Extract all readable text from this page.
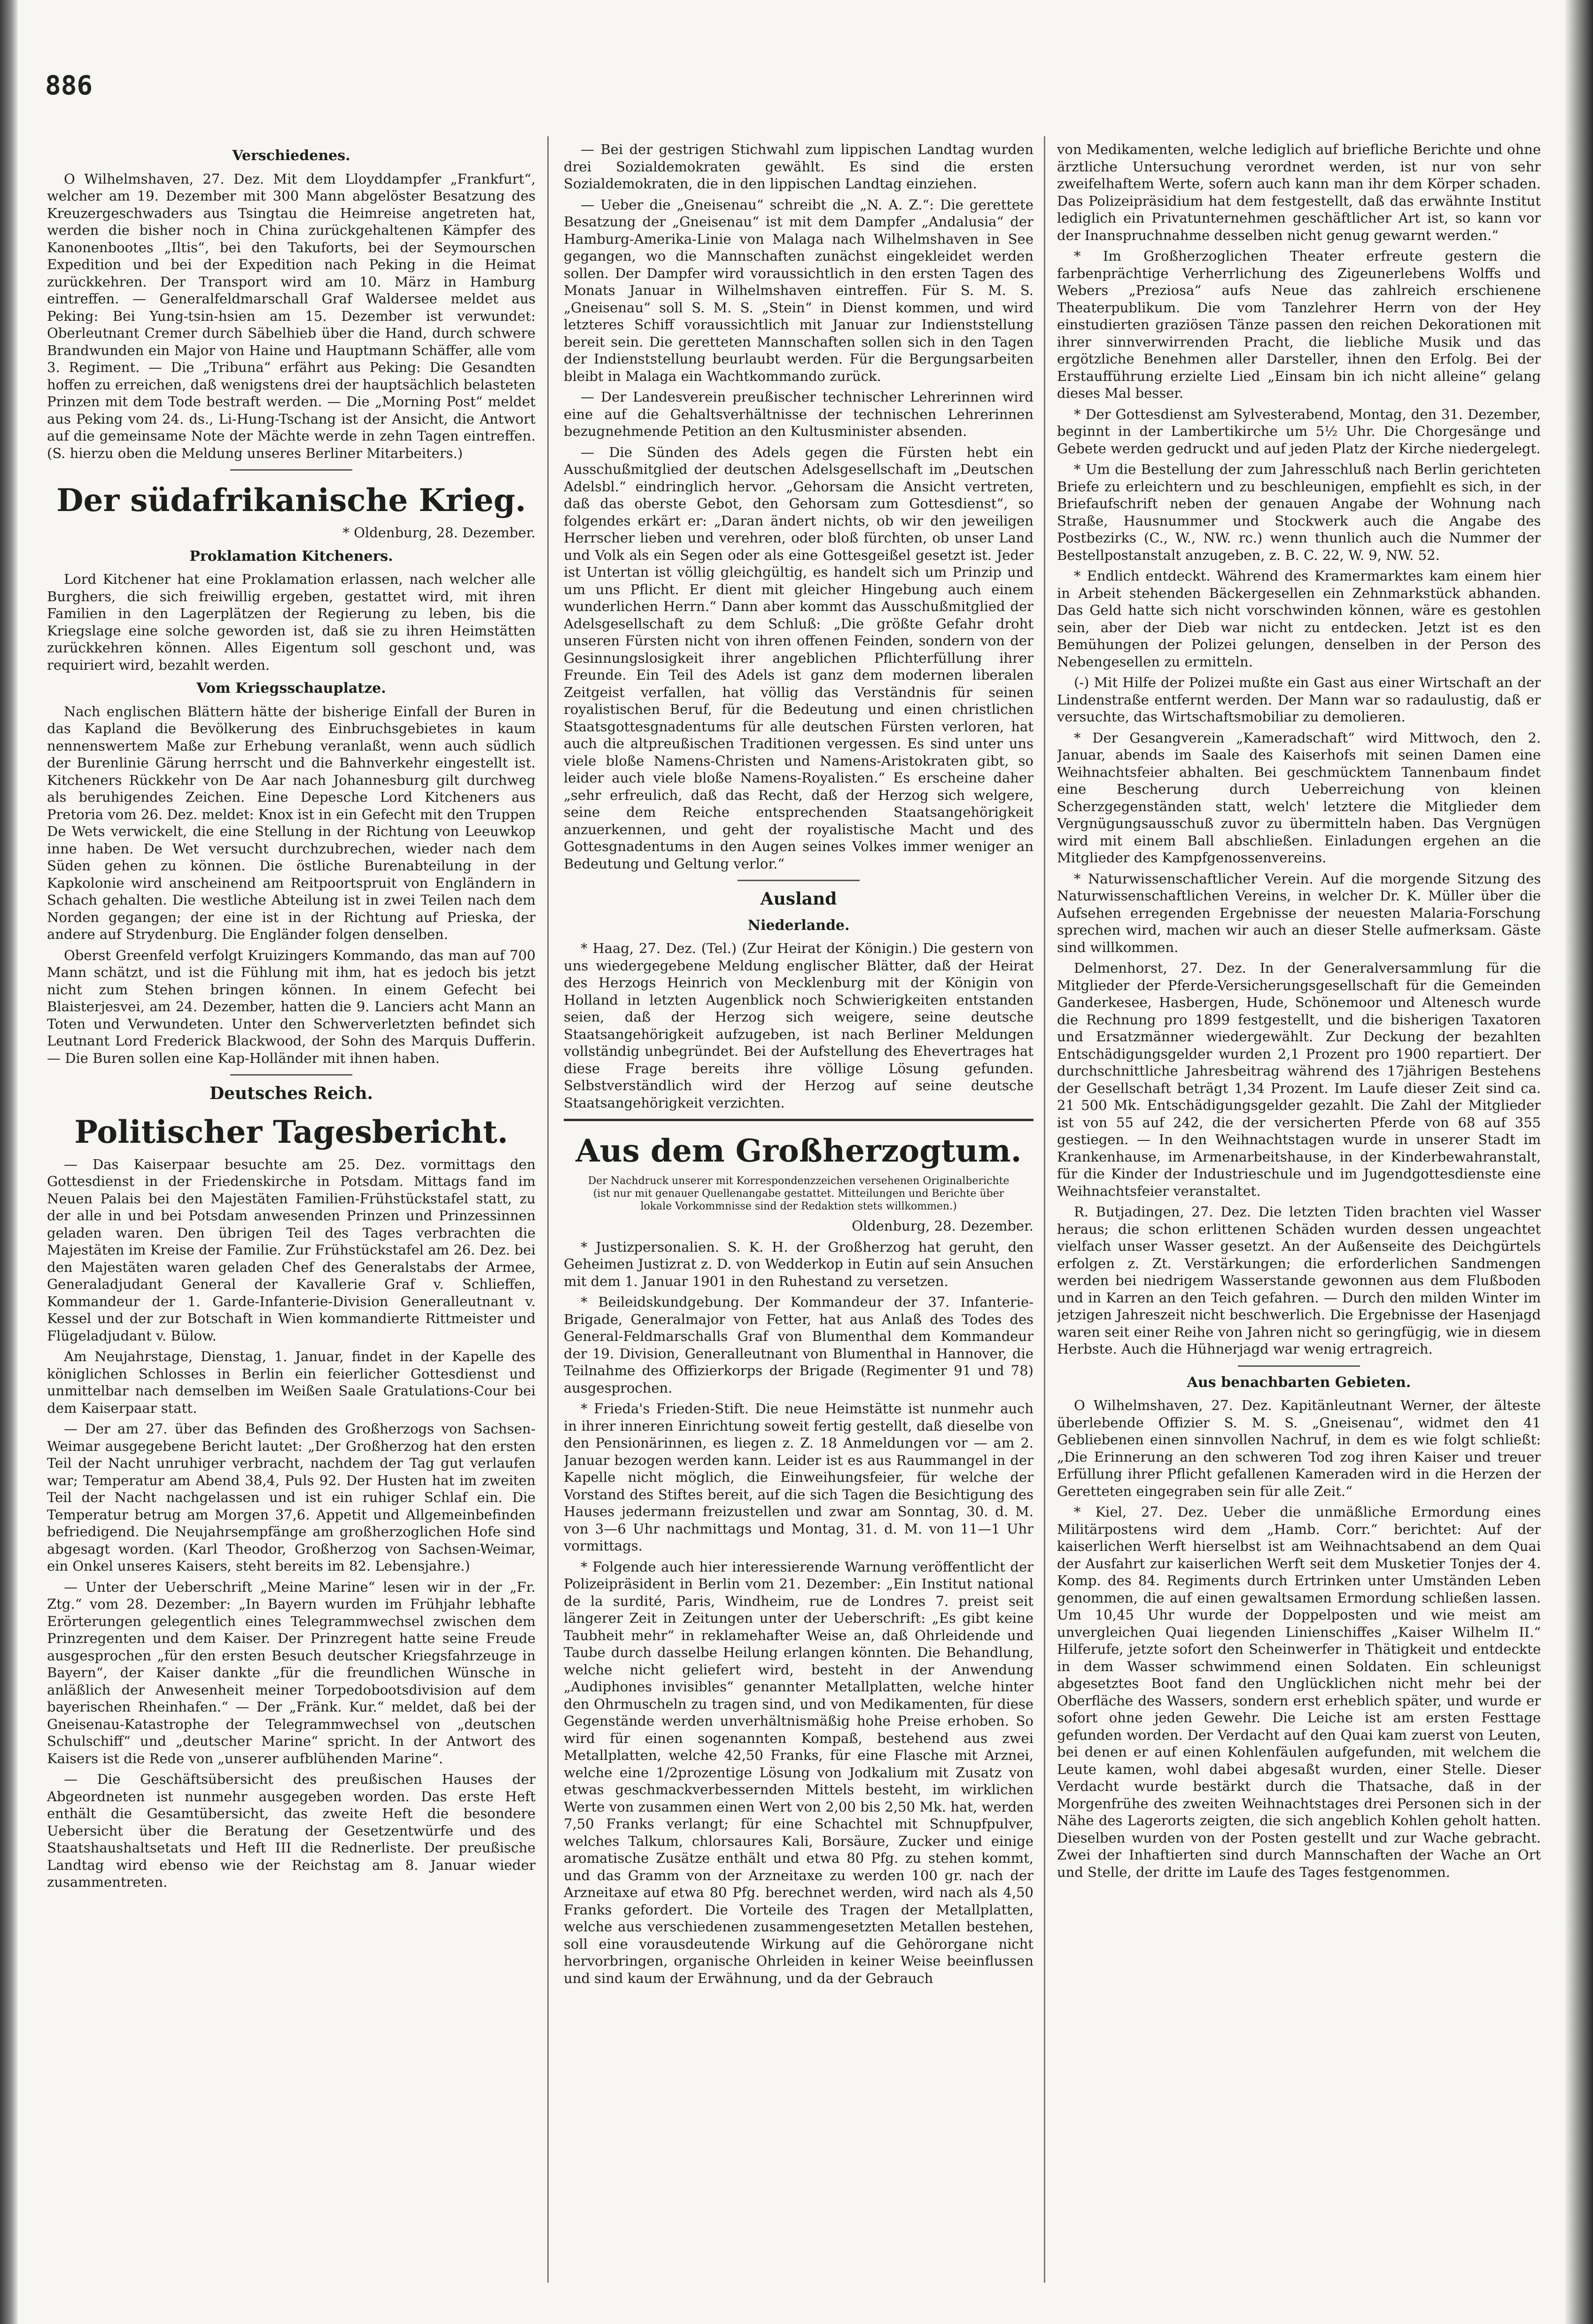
886
Verschiedenes.

O Wilhelmshaven, 27. Dez. Mit dem Lloyddampfer „Frankfurt“, welcher am 19. Dezember mit 300 Mann abgelöster Besatzung des Kreuzergeschwaders aus Tsingtau die Heimreise angetreten hat, werden die bisher noch in China zurückgehaltenen Kämpfer des Kanonenbootes „Iltis“, bei den Takuforts, bei der Seymourschen Expedition und bei der Expedition nach Peking in die Heimat zurückkehren. Der Transport wird am 10. März in Hamburg eintreffen. — Generalfeldmarschall Graf Waldersee meldet aus Peking: Bei Yung-tsin-hsien am 15. Dezember ist verwundet: Oberleutnant Cremer durch Säbelhieb über die Hand, durch schwere Brandwunden ein Major von Haine und Hauptmann Schäffer, alle vom 3. Regiment. — Die „Tribuna“ erfährt aus Peking: Die Gesandten hoffen zu erreichen, daß wenigstens drei der hauptsächlich belasteten Prinzen mit dem Tode bestraft werden. — Die „Morning Post“ meldet aus Peking vom 24. ds., Li-Hung-Tschang ist der Ansicht, die Antwort auf die gemeinsame Note der Mächte werde in zehn Tagen eintreffen. (S. hierzu oben die Meldung unseres Berliner Mitarbeiters.)

Der südafrikanische Krieg.

* Oldenburg, 28. Dezember.

Proklamation Kitcheners.

Lord Kitchener hat eine Proklamation erlassen, nach welcher alle Burghers, die sich freiwillig ergeben, gestattet wird, mit ihren Familien in den Lagerplätzen der Regierung zu leben, bis die Kriegslage eine solche geworden ist, daß sie zu ihren Heimstätten zurückkehren können. Alles Eigentum soll geschont und, was requiriert wird, bezahlt werden.

Vom Kriegsschauplatze.

Nach englischen Blättern hätte der bisherige Einfall der Buren in das Kapland die Bevölkerung des Einbruchsgebietes in kaum nennenswertem Maße zur Erhebung veranlaßt, wenn auch südlich der Burenlinie Gärung herrscht und die Bahnverkehr eingestellt ist. Kitcheners Rückkehr von De Aar nach Johannesburg gilt durchweg als beruhigendes Zeichen. Eine Depesche Lord Kitcheners aus Pretoria vom 26. Dez. meldet: Knox ist in ein Gefecht mit den Truppen De Wets verwickelt, die eine Stellung in der Richtung von Leeuwkop inne haben. De Wet versucht durchzubrechen, wieder nach dem Süden gehen zu können. Die östliche Burenabteilung in der Kapkolonie wird anscheinend am Reitpoortspruit von Engländern in Schach gehalten. Die westliche Abteilung ist in zwei Teilen nach dem Norden gegangen; der eine ist in der Richtung auf Prieska, der andere auf Strydenburg. Die Engländer folgen denselben.

Oberst Greenfeld verfolgt Kruizingers Kommando, das man auf 700 Mann schätzt, und ist die Fühlung mit ihm, hat es jedoch bis jetzt nicht zum Stehen bringen können. In einem Gefecht bei Blaisterjesvei, am 24. Dezember, hatten die 9. Lanciers acht Mann an Toten und Verwundeten. Unter den Schwerverletzten befindet sich Leutnant Lord Frederick Blackwood, der Sohn des Marquis Dufferin. — Die Buren sollen eine Kap-Holländer mit ihnen haben.

Deutsches Reich.
Politischer Tagesbericht.

— Das Kaiserpaar besuchte am 25. Dez. vormittags den Gottesdienst in der Friedenskirche in Potsdam. Mittags fand im Neuen Palais bei den Majestäten Familien-Frühstückstafel statt, zu der alle in und bei Potsdam anwesenden Prinzen und Prinzessinnen geladen waren. Den übrigen Teil des Tages verbrachten die Majestäten im Kreise der Familie. Zur Frühstückstafel am 26. Dez. bei den Majestäten waren geladen Chef des Generalstabs der Armee, Generaladjudant General der Kavallerie Graf v. Schlieffen, Kommandeur der 1. Garde-Infanterie-Division Generalleutnant v. Kessel und der zur Botschaft in Wien kommandierte Rittmeister und Flügeladjudant v. Bülow.

Am Neujahrstage, Dienstag, 1. Januar, findet in der Kapelle des königlichen Schlosses in Berlin ein feierlicher Gottesdienst und unmittelbar nach demselben im Weißen Saale Gratulations-Cour bei dem Kaiserpaar statt.

— Der am 27. über das Befinden des Großherzogs von Sachsen-Weimar ausgegebene Bericht lautet: „Der Großherzog hat den ersten Teil der Nacht unruhiger verbracht, nachdem der Tag gut verlaufen war; Temperatur am Abend 38,4, Puls 92. Der Husten hat im zweiten Teil der Nacht nachgelassen und ist ein ruhiger Schlaf ein. Die Temperatur betrug am Morgen 37,6. Appetit und Allgemeinbefinden befriedigend. Die Neujahrsempfänge am großherzoglichen Hofe sind abgesagt worden. (Karl Theodor, Großherzog von Sachsen-Weimar, ein Onkel unseres Kaisers, steht bereits im 82. Lebensjahre.)

— Unter der Ueberschrift „Meine Marine“ lesen wir in der „Fr. Ztg.“ vom 28. Dezember: „In Bayern wurden im Frühjahr lebhafte Erörterungen gelegentlich eines Telegrammwechsel zwischen dem Prinzregenten und dem Kaiser. Der Prinzregent hatte seine Freude ausgesprochen „für den ersten Besuch deutscher Kriegsfahrzeuge in Bayern“, der Kaiser dankte „für die freundlichen Wünsche in anläßlich der Anwesenheit meiner Torpedobootsdivision auf dem bayerischen Rheinhafen.“ — Der „Fränk. Kur.“ meldet, daß bei der Gneisenau-Katastrophe der Telegrammwechsel von „deutschen Schulschiff“ und „deutscher Marine“ spricht. In der Antwort des Kaisers ist die Rede von „unserer aufblühenden Marine“.

— Die Geschäftsübersicht des preußischen Hauses der Abgeordneten ist nunmehr ausgegeben worden. Das erste Heft enthält die Gesamtübersicht, das zweite Heft die besondere Uebersicht über die Beratung der Gesetzentwürfe und des Staatshaushaltsetats und Heft III die Rednerliste. Der preußische Landtag wird ebenso wie der Reichstag am 8. Januar wieder zusammentreten.

— Bei der gestrigen Stichwahl zum lippischen Landtag wurden drei Sozialdemokraten gewählt. Es sind die ersten Sozialdemokraten, die in den lippischen Landtag einziehen.

— Ueber die „Gneisenau“ schreibt die „N. A. Z.“: Die gerettete Besatzung der „Gneisenau“ ist mit dem Dampfer „Andalusia“ der Hamburg-Amerika-Linie von Malaga nach Wilhelmshaven in See gegangen, wo die Mannschaften zunächst eingekleidet werden sollen. Der Dampfer wird voraussichtlich in den ersten Tagen des Monats Januar in Wilhelmshaven eintreffen. Für S. M. S. „Gneisenau“ soll S. M. S. „Stein“ in Dienst kommen, und wird letzteres Schiff voraussichtlich mit Januar zur Indienststellung bereit sein. Die geretteten Mannschaften sollen sich in den Tagen der Indienststellung beurlaubt werden. Für die Bergungsarbeiten bleibt in Malaga ein Wachtkommando zurück.

— Der Landesverein preußischer technischer Lehrerinnen wird eine auf die Gehaltsverhältnisse der technischen Lehrerinnen bezugnehmende Petition an den Kultusminister absenden.

— Die Sünden des Adels gegen die Fürsten hebt ein Ausschußmitglied der deutschen Adelsgesellschaft im „Deutschen Adelsbl.“ eindringlich hervor. „Gehorsam die Ansicht vertreten, daß das oberste Gebot, den Gehorsam zum Gottesdienst“, so folgendes erkärt er: „Daran ändert nichts, ob wir den jeweiligen Herrscher lieben und verehren, oder bloß fürchten, ob unser Land und Volk als ein Segen oder als eine Gottesgeißel gesetzt ist. Jeder ist Untertan ist völlig gleichgültig, es handelt sich um Prinzip und um uns Pflicht. Er dient mit gleicher Hingebung auch einem wunderlichen Herrn.“ Dann aber kommt das Ausschußmitglied der Adelsgesellschaft zu dem Schluß: „Die größte Gefahr droht unseren Fürsten nicht von ihren offenen Feinden, sondern von der Gesinnungslosigkeit ihrer angeblichen Pflichterfüllung ihrer Freunde. Ein Teil des Adels ist ganz dem modernen liberalen Zeitgeist verfallen, hat völlig das Verständnis für seinen royalistischen Beruf, für die Bedeutung und einen christlichen Staatsgottesgnadentums für alle deutschen Fürsten verloren, hat auch die altpreußischen Traditionen vergessen. Es sind unter uns viele bloße Namens-Christen und Namens-Aristokraten gibt, so leider auch viele bloße Namens-Royalisten.“ Es erscheine daher „sehr erfreulich, daß das Recht, daß der Herzog sich welgere, seine dem Reiche entsprechenden Staatsangehörigkeit anzuerkennen, und geht der royalistische Macht und des Gottesgnadentums in den Augen seines Volkes immer weniger an Bedeutung und Geltung verlor.“

Ausland
Niederlande.

* Haag, 27. Dez. (Tel.) (Zur Heirat der Königin.) Die gestern von uns wiedergegebene Meldung englischer Blätter, daß der Heirat des Herzogs Heinrich von Mecklenburg mit der Königin von Holland in letzten Augenblick noch Schwierigkeiten entstanden seien, daß der Herzog sich weigere, seine deutsche Staatsangehörigkeit aufzugeben, ist nach Berliner Meldungen vollständig unbegründet. Bei der Aufstellung des Ehevertrages hat diese Frage bereits ihre völlige Lösung gefunden. Selbstverständlich wird der Herzog auf seine deutsche Staatsangehörigkeit verzichten.

Aus dem Großherzogtum.
Der Nachdruck unserer mit Korrespondenzzeichen versehenen Originalberichte (ist nur mit genauer Quellenangabe gestattet. Mitteilungen und Berichte über lokale Vorkommnisse sind der Redaktion stets willkommen.)

Oldenburg, 28. Dezember.

* Justizpersonalien. S. K. H. der Großherzog hat geruht, den Geheimen Justizrat z. D. von Wedderkop in Eutin auf sein Ansuchen mit dem 1. Januar 1901 in den Ruhestand zu versetzen.

* Beileidskundgebung. Der Kommandeur der 37. Infanterie-Brigade, Generalmajor von Fetter, hat aus Anlaß des Todes des General-Feldmarschalls Graf von Blumenthal dem Kommandeur der 19. Division, Generalleutnant von Blumenthal in Hannover, die Teilnahme des Offizierkorps der Brigade (Regimenter 91 und 78) ausgesprochen.

* Frieda's Frieden-Stift. Die neue Heimstätte ist nunmehr auch in ihrer inneren Einrichtung soweit fertig gestellt, daß dieselbe von den Pensionärinnen, es liegen z. Z. 18 Anmeldungen vor — am 2. Januar bezogen werden kann. Leider ist es aus Raummangel in der Kapelle nicht möglich, die Einweihungsfeier, für welche der Vorstand des Stiftes bereit, auf die sich Tagen die Besichtigung des Hauses jedermann freizustellen und zwar am Sonntag, 30. d. M. von 3—6 Uhr nachmittags und Montag, 31. d. M. von 11—1 Uhr vormittags.

* Folgende auch hier interessierende Warnung veröffentlicht der Polizeipräsident in Berlin vom 21. Dezember: „Ein Institut national de la surdité, Paris, Windheim, rue de Londres 7. preist seit längerer Zeit in Zeitungen unter der Ueberschrift: „Es gibt keine Taubheit mehr“ in reklamehafter Weise an, daß Ohrleidende und Taube durch dasselbe Heilung erlangen könnten. Die Behandlung, welche nicht geliefert wird, besteht in der Anwendung „Audiphones invisibles“ genannter Metallplatten, welche hinter den Ohrmuscheln zu tragen sind, und von Medikamenten, für diese Gegenstände werden unverhältnismäßig hohe Preise erhoben. So wird für einen sogenannten Kompaß, bestehend aus zwei Metallplatten, welche 42,50 Franks, für eine Flasche mit Arznei, welche eine 1/2prozentige Lösung von Jodkalium mit Zusatz von etwas geschmackverbessernden Mittels besteht, im wirklichen Werte von zusammen einen Wert von 2,00 bis 2,50 Mk. hat, werden 7,50 Franks verlangt; für eine Schachtel mit Schnupfpulver, welches Talkum, chlorsaures Kali, Borsäure, Zucker und einige aromatische Zusätze enthält und etwa 80 Pfg. zu stehen kommt, und das Gramm von der Arzneitaxe zu werden 100 gr. nach der Arzneitaxe auf etwa 80 Pfg. berechnet werden, wird nach als 4,50 Franks gefordert. Die Vorteile des Tragen der Metallplatten, welche aus verschiedenen zusammengesetzten Metallen bestehen, soll eine vorausdeutende Wirkung auf die Gehörorgane nicht hervorbringen, organische Ohrleiden in keiner Weise beeinflussen und sind kaum der Erwähnung, und da der Gebrauch

von Medikamenten, welche lediglich auf briefliche Berichte und ohne ärztliche Untersuchung verordnet werden, ist nur von sehr zweifelhaftem Werte, sofern auch kann man ihr dem Körper schaden. Das Polizeipräsidium hat dem festgestellt, daß das erwähnte Institut lediglich ein Privatunternehmen geschäftlicher Art ist, so kann vor der Inanspruchnahme desselben nicht genug gewarnt werden.“

* Im Großherzoglichen Theater erfreute gestern die farbenprächtige Verherrlichung des Zigeunerlebens Wolffs und Webers „Preziosa“ aufs Neue das zahlreich erschienene Theaterpublikum. Die vom Tanzlehrer Herrn von der Hey einstudierten graziösen Tänze passen den reichen Dekorationen mit ihrer sinnverwirrenden Pracht, die liebliche Musik und das ergötzliche Benehmen aller Darsteller, ihnen den Erfolg. Bei der Erstaufführung erzielte Lied „Einsam bin ich nicht alleine“ gelang dieses Mal besser.

* Der Gottesdienst am Sylvesterabend, Montag, den 31. Dezember, beginnt in der Lambertikirche um 5½ Uhr. Die Chorgesänge und Gebete werden gedruckt und auf jeden Platz der Kirche niedergelegt.

* Um die Bestellung der zum Jahresschluß nach Berlin gerichteten Briefe zu erleichtern und zu beschleunigen, empfiehlt es sich, in der Briefaufschrift neben der genauen Angabe der Wohnung nach Straße, Hausnummer und Stockwerk auch die Angabe des Postbezirks (C., W., NW. rc.) wenn thunlich auch die Nummer der Bestellpostanstalt anzugeben, z. B. C. 22, W. 9, NW. 52.

* Endlich entdeckt. Während des Kramermarktes kam einem hier in Arbeit stehenden Bäckergesellen ein Zehnmarkstück abhanden. Das Geld hatte sich nicht vorschwinden können, wäre es gestohlen sein, aber der Dieb war nicht zu entdecken. Jetzt ist es den Bemühungen der Polizei gelungen, denselben in der Person des Nebengesellen zu ermitteln.

(-) Mit Hilfe der Polizei mußte ein Gast aus einer Wirtschaft an der Lindenstraße entfernt werden. Der Mann war so radaulustig, daß er versuchte, das Wirtschaftsmobiliar zu demolieren.

* Der Gesangverein „Kameradschaft“ wird Mittwoch, den 2. Januar, abends im Saale des Kaiserhofs mit seinen Damen eine Weihnachtsfeier abhalten. Bei geschmücktem Tannenbaum findet eine Bescherung durch Ueberreichung von kleinen Scherzgegenständen statt, welch' letztere die Mitglieder dem Vergnügungsausschuß zuvor zu übermitteln haben. Das Vergnügen wird mit einem Ball abschließen. Einladungen ergehen an die Mitglieder des Kampfgenossenvereins.

* Naturwissenschaftlicher Verein. Auf die morgende Sitzung des Naturwissenschaftlichen Vereins, in welcher Dr. K. Müller über die Aufsehen erregenden Ergebnisse der neuesten Malaria-Forschung sprechen wird, machen wir auch an dieser Stelle aufmerksam. Gäste sind willkommen.

Delmenhorst, 27. Dez. In der Generalversammlung für die Mitglieder der Pferde-Versicherungsgesellschaft für die Gemeinden Ganderkesee, Hasbergen, Hude, Schönemoor und Altenesch wurde die Rechnung pro 1899 festgestellt, und die bisherigen Taxatoren und Ersatzmänner wiedergewählt. Zur Deckung der bezahlten Entschädigungsgelder wurden 2,1 Prozent pro 1900 repartiert. Der durchschnittliche Jahresbeitrag während des 17jährigen Bestehens der Gesellschaft beträgt 1,34 Prozent. Im Laufe dieser Zeit sind ca. 21 500 Mk. Entschädigungsgelder gezahlt. Die Zahl der Mitglieder ist von 55 auf 242, die der versicherten Pferde von 68 auf 355 gestiegen. — In den Weihnachtstagen wurde in unserer Stadt im Krankenhause, im Armenarbeitshause, in der Kinderbewahranstalt, für die Kinder der Industrieschule und im Jugendgottesdienste eine Weihnachtsfeier veranstaltet.

R. Butjadingen, 27. Dez. Die letzten Tiden brachten viel Wasser heraus; die schon erlittenen Schäden wurden dessen ungeachtet vielfach unser Wasser gesetzt. An der Außenseite des Deichgürtels erfolgen z. Zt. Verstärkungen; die erforderlichen Sandmengen werden bei niedrigem Wasserstande gewonnen aus dem Flußboden und in Karren an den Teich gefahren. — Durch den milden Winter im jetzigen Jahreszeit nicht beschwerlich. Die Ergebnisse der Hasenjagd waren seit einer Reihe von Jahren nicht so geringfügig, wie in diesem Herbste. Auch die Hühnerjagd war wenig ertragreich.

Aus benachbarten Gebieten.

O Wilhelmshaven, 27. Dez. Kapitänleutnant Werner, der älteste überlebende Offizier S. M. S. „Gneisenau“, widmet den 41 Gebliebenen einen sinnvollen Nachruf, in dem es wie folgt schließt: „Die Erinnerung an den schweren Tod zog ihren Kaiser und treuer Erfüllung ihrer Pflicht gefallenen Kameraden wird in die Herzen der Geretteten eingegraben sein für alle Zeit.“

* Kiel, 27. Dez. Ueber die unmäßliche Ermordung eines Militärpostens wird dem „Hamb. Corr.“ berichtet: Auf der kaiserlichen Werft hierselbst ist am Weihnachtsabend an dem Quai der Ausfahrt zur kaiserlichen Werft seit dem Musketier Tonjes der 4. Komp. des 84. Regiments durch Ertrinken unter Umständen Leben genommen, die auf einen gewaltsamen Ermordung schließen lassen. Um 10,45 Uhr wurde der Doppelposten und wie meist am unvergleichen Quai liegenden Linienschiffes „Kaiser Wilhelm II.“ Hilferufe, jetzte sofort den Scheinwerfer in Thätigkeit und entdeckte in dem Wasser schwimmend einen Soldaten. Ein schleunigst abgesetztes Boot fand den Unglücklichen nicht mehr bei der Oberfläche des Wassers, sondern erst erheblich später, und wurde er sofort ohne jeden Gewehr. Die Leiche ist am ersten Festtage gefunden worden. Der Verdacht auf den Quai kam zuerst von Leuten, bei denen er auf einen Kohlenfäulen aufgefunden, mit welchem die Leute kamen, wohl dabei abgesaßt wurden, einer Stelle. Dieser Verdacht wurde bestärkt durch die Thatsache, daß in der Morgenfrühe des zweiten Weihnachtstages drei Personen sich in der Nähe des Lagerorts zeigten, die sich angeblich Kohlen geholt hatten. Dieselben wurden von der Posten gestellt und zur Wache gebracht. Zwei der Inhaftierten sind durch Mannschaften der Wache an Ort und Stelle, der dritte im Laufe des Tages festgenommen.
